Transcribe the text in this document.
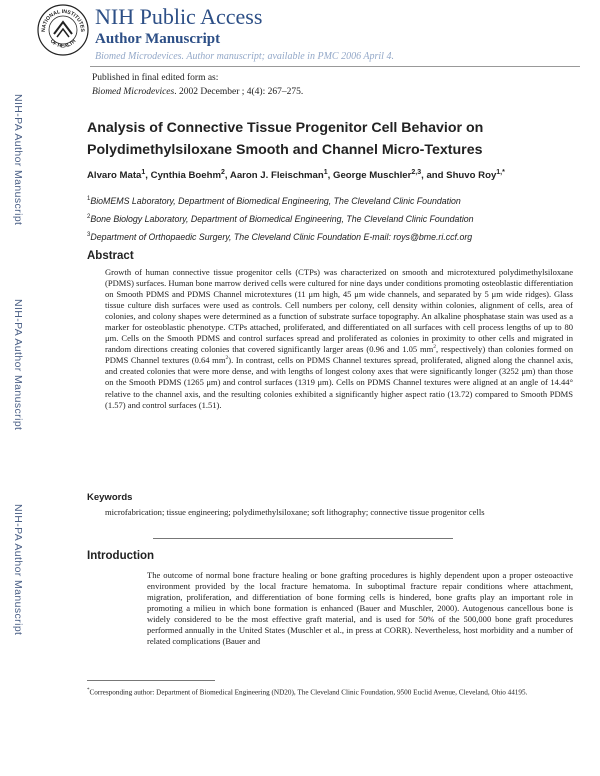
NATIONAL INSTITUTES
OF HEALTH
NIH Public Access
Author Manuscript
Biomed Microdevices. Author manuscript; available in PMC 2006 April 4.
Published in final edited form as:
Biomed Microdevices. 2002 December ; 4(4): 267–275.
NIH-PA Author Manuscript
NIH-PA Author Manuscript
NIH-PA Author Manuscript
Analysis of Connective Tissue Progenitor Cell Behavior on Polydimethylsiloxane Smooth and Channel Micro-Textures
Alvaro Mata$^1$, Cynthia Boehm$^2$, Aaron J. Fleischman$^1$, George Muschler$^{2,3}$, and Shuvo Roy$^{1,*}$
$^1$BioMEMS Laboratory, Department of Biomedical Engineering, The Cleveland Clinic Foundation
$^2$Bone Biology Laboratory, Department of Biomedical Engineering, The Cleveland Clinic Foundation
$^3$Department of Orthopaedic Surgery, The Cleveland Clinic Foundation E-mail: roys@bme.ri.ccf.org
Abstract
Growth of human connective tissue progenitor cells (CTPs) was characterized on smooth and microtextured polydimethylsiloxane (PDMS) surfaces. Human bone marrow derived cells were cultured for nine days under conditions promoting osteoblastic differentiation on Smooth PDMS and PDMS Channel microtextures (11 μm high, 45 μm wide channels, and separated by 5 μm wide ridges). Glass tissue culture dish surfaces were used as controls. Cell numbers per colony, cell density within colonies, alignment of cells, area of colonies, and colony shapes were determined as a function of substrate surface topography. An alkaline phosphatase stain was used as a marker for osteoblastic phenotype. CTPs attached, proliferated, and differentiated on all surfaces with cell process lengths of up to 80 μm. Cells on the Smooth PDMS and control surfaces spread and proliferated as colonies in proximity to other cells and migrated in random directions creating colonies that covered significantly larger areas (0.96 and 1.05 $mm^2$, respectively) than colonies formed on PDMS Channel textures (0.64 $mm^2$). In contrast, cells on PDMS Channel textures spread, proliferated, aligned along the channel axis, and created colonies that were more dense, and with lengths of longest colony axes that were significantly longer (3252 μm) than those on the Smooth PDMS (1265 μm) and control surfaces (1319 μm). Cells on PDMS Channel textures were aligned at an angle of 14.44° relative to the channel axis, and the resulting colonies exhibited a significantly higher aspect ratio (13.72) compared to Smooth PDMS (1.57) and control surfaces (1.51).
Keywords
microfabrication; tissue engineering; polydimethylsiloxane; soft lithography; connective tissue progenitor cells
Introduction
The outcome of normal bone fracture healing or bone grafting procedures is highly dependent upon a proper osteoactive environment provided by the local fracture hematoma. In suboptimal fracture repair conditions where attachment, migration, proliferation, and differentiation of bone forming cells is hindered, bone grafts play an important role in promoting a milieu in which bone formation is enhanced (Bauer and Muschler, 2000). Autogenous cancellous bone is widely considered to be the most effective graft material, and is used for 50% of the 500,000 bone graft procedures performed annually in the United States (Muschler et al., in press at CORR). Nevertheless, host morbidity and a number of related complications (Bauer and
*Corresponding author: Department of Biomedical Engineering (ND20), The Cleveland Clinic Foundation, 9500 Euclid Avenue, Cleveland, Ohio 44195.
